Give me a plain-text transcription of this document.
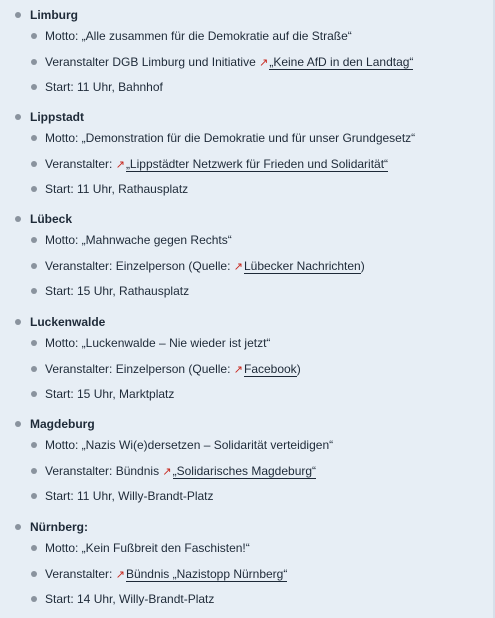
Limburg
Motto: „Alle zusammen für die Demokratie auf die Straße“
Veranstalter DGB Limburg und Initiative ↗„Keine AfD in den Landtag“
Start: 11 Uhr, Bahnhof
Lippstadt
Motto: „Demonstration für die Demokratie und für unser Grundgesetz“
Veranstalter: ↗„Lippstädter Netzwerk für Frieden und Solidarität“
Start: 11 Uhr, Rathausplatz
Lübeck
Motto: „Mahnwache gegen Rechts“
Veranstalter: Einzelperson (Quelle: ↗Lübecker Nachrichten)
Start: 15 Uhr, Rathausplatz
Luckenwalde
Motto: „Luckenwalde – Nie wieder ist jetzt“
Veranstalter: Einzelperson (Quelle: ↗Facebook)
Start: 15 Uhr, Marktplatz
Magdeburg
Motto: „Nazis Wi(e)dersetzen – Solidarität verteidigen“
Veranstalter: Bündnis ↗„Solidarisches Magdeburg“
Start: 11 Uhr, Willy-Brandt-Platz
Nürnberg:
Motto: „Kein Fußbreit den Faschisten!“
Veranstalter: ↗Bündnis „Nazistopp Nürnberg“
Start: 14 Uhr, Willy-Brandt-Platz
